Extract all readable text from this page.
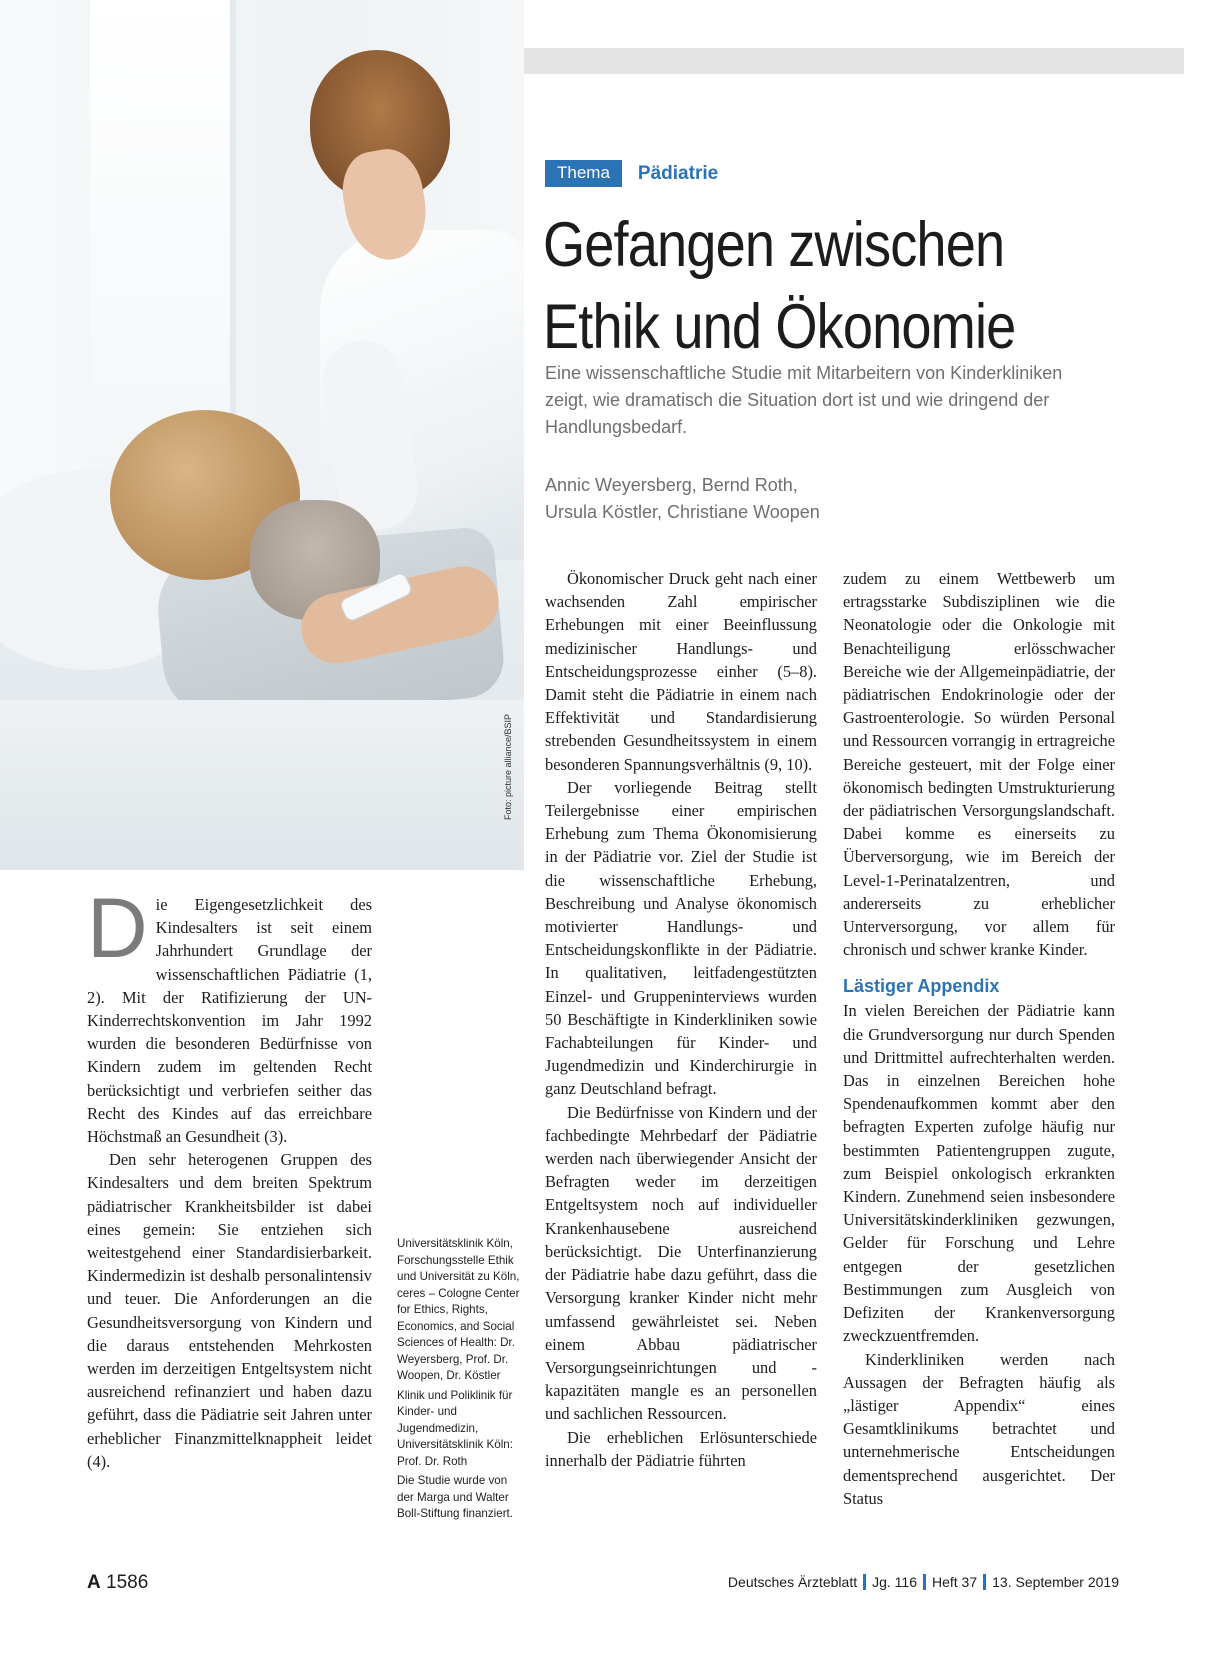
Foto: picture alliance/BSIP
Thema	Pädiatrie
Gefangen zwischen
Ethik und Ökonomie

Eine wissenschaftliche Studie mit Mitarbeitern von Kinderkliniken zeigt, wie dramatisch die Situation dort ist und wie dringend der Handlungsbedarf.

Annic Weyersberg, Bernd Roth,
Ursula Köstler, Christiane Woopen

Die Eigengesetzlichkeit des Kindesalters ist seit einem Jahrhundert Grundlage der wissenschaftlichen Pädiatrie (1, 2). Mit der Ratifizierung der UN-Kinderrechtskonvention im Jahr 1992 wurden die besonderen Bedürfnisse von Kindern zudem im geltenden Recht berücksichtigt und verbriefen seither das Recht des Kindes auf das erreichbare Höchstmaß an Gesundheit (3).

Den sehr heterogenen Gruppen des Kindesalters und dem breiten Spektrum pädiatrischer Krankheitsbilder ist dabei eines gemein: Sie entziehen sich weitestgehend einer Standardisierbarkeit. Kindermedizin ist deshalb personalintensiv und teuer. Die Anforderungen an die Gesundheitsversorgung von Kindern und die daraus entstehenden Mehrkosten werden im derzeitigen Entgeltsystem nicht ausreichend refinanziert und haben dazu geführt, dass die Pädiatrie seit Jahren unter erheblicher Finanzmittelknappheit leidet (4).

Universitätsklinik Köln, Forschungsstelle Ethik und Universität zu Köln, ceres – Cologne Center for Ethics, Rights, Economics, and Social Sciences of Health: Dr. Weyersberg, Prof. Dr. Woopen, Dr. Köstler

Klinik und Poliklinik für Kinder- und Jugendmedizin, Universitätsklinik Köln: Prof. Dr. Roth

Die Studie wurde von der Marga und Walter Boll-Stiftung finanziert.

Ökonomischer Druck geht nach einer wachsenden Zahl empirischer Erhebungen mit einer Beeinflussung medizinischer Handlungs- und Entscheidungsprozesse einher (5–8). Damit steht die Pädiatrie in einem nach Effektivität und Standardisierung strebenden Gesundheitssystem in einem besonderen Spannungsverhältnis (9, 10).

Der vorliegende Beitrag stellt Teilergebnisse einer empirischen Erhebung zum Thema Ökonomisierung in der Pädiatrie vor. Ziel der Studie ist die wissenschaftliche Erhebung, Beschreibung und Analyse ökonomisch motivierter Handlungs- und Entscheidungskonflikte in der Pädiatrie. In qualitativen, leitfadengestützten Einzel- und Gruppeninterviews wurden 50 Beschäftigte in Kinderkliniken sowie Fachabteilungen für Kinder- und Jugendmedizin und Kinderchirurgie in ganz Deutschland befragt.

Die Bedürfnisse von Kindern und der fachbedingte Mehrbedarf der Pädiatrie werden nach überwiegender Ansicht der Befragten weder im derzeitigen Entgeltsystem noch auf individueller Krankenhausebene ausreichend berücksichtigt. Die Unterfinanzierung der Pädiatrie habe dazu geführt, dass die Versorgung kranker Kinder nicht mehr umfassend gewährleistet sei. Neben einem Abbau pädiatrischer Versorgungseinrichtungen und -kapazitäten mangle es an personellen und sachlichen Ressourcen.

Die erheblichen Erlösunterschiede innerhalb der Pädiatrie führten

zudem zu einem Wettbewerb um ertragsstarke Subdisziplinen wie die Neonatologie oder die Onkologie mit Benachteiligung erlösschwacher Bereiche wie der Allgemeinpädiatrie, der pädiatrischen Endokrinologie oder der Gastroenterologie. So würden Personal und Ressourcen vorrangig in ertragreiche Bereiche gesteuert, mit der Folge einer ökonomisch bedingten Umstrukturierung der pädiatrischen Versorgungslandschaft. Dabei komme es einerseits zu Überversorgung, wie im Bereich der Level-1-Perinatalzentren, und andererseits zu erheblicher Unterversorgung, vor allem für chronisch und schwer kranke Kinder.

Lästiger Appendix

In vielen Bereichen der Pädiatrie kann die Grundversorgung nur durch Spenden und Drittmittel aufrechterhalten werden. Das in einzelnen Bereichen hohe Spendenaufkommen kommt aber den befragten Experten zufolge häufig nur bestimmten Patientengruppen zugute, zum Beispiel onkologisch erkrankten Kindern. Zunehmend seien insbesondere Universitätskinderkliniken gezwungen, Gelder für Forschung und Lehre entgegen der gesetzlichen Bestimmungen zum Ausgleich von Defiziten der Krankenversorgung zweckzuentfremden.

Kinderkliniken werden nach Aussagen der Befragten häufig als „lästiger Appendix“ eines Gesamtklinikums betrachtet und unternehmerische Entscheidungen dementsprechend ausgerichtet. Der Status

A 1586	Deutsches Ärzteblatt Jg. 116 Heft 37 13. September 2019
